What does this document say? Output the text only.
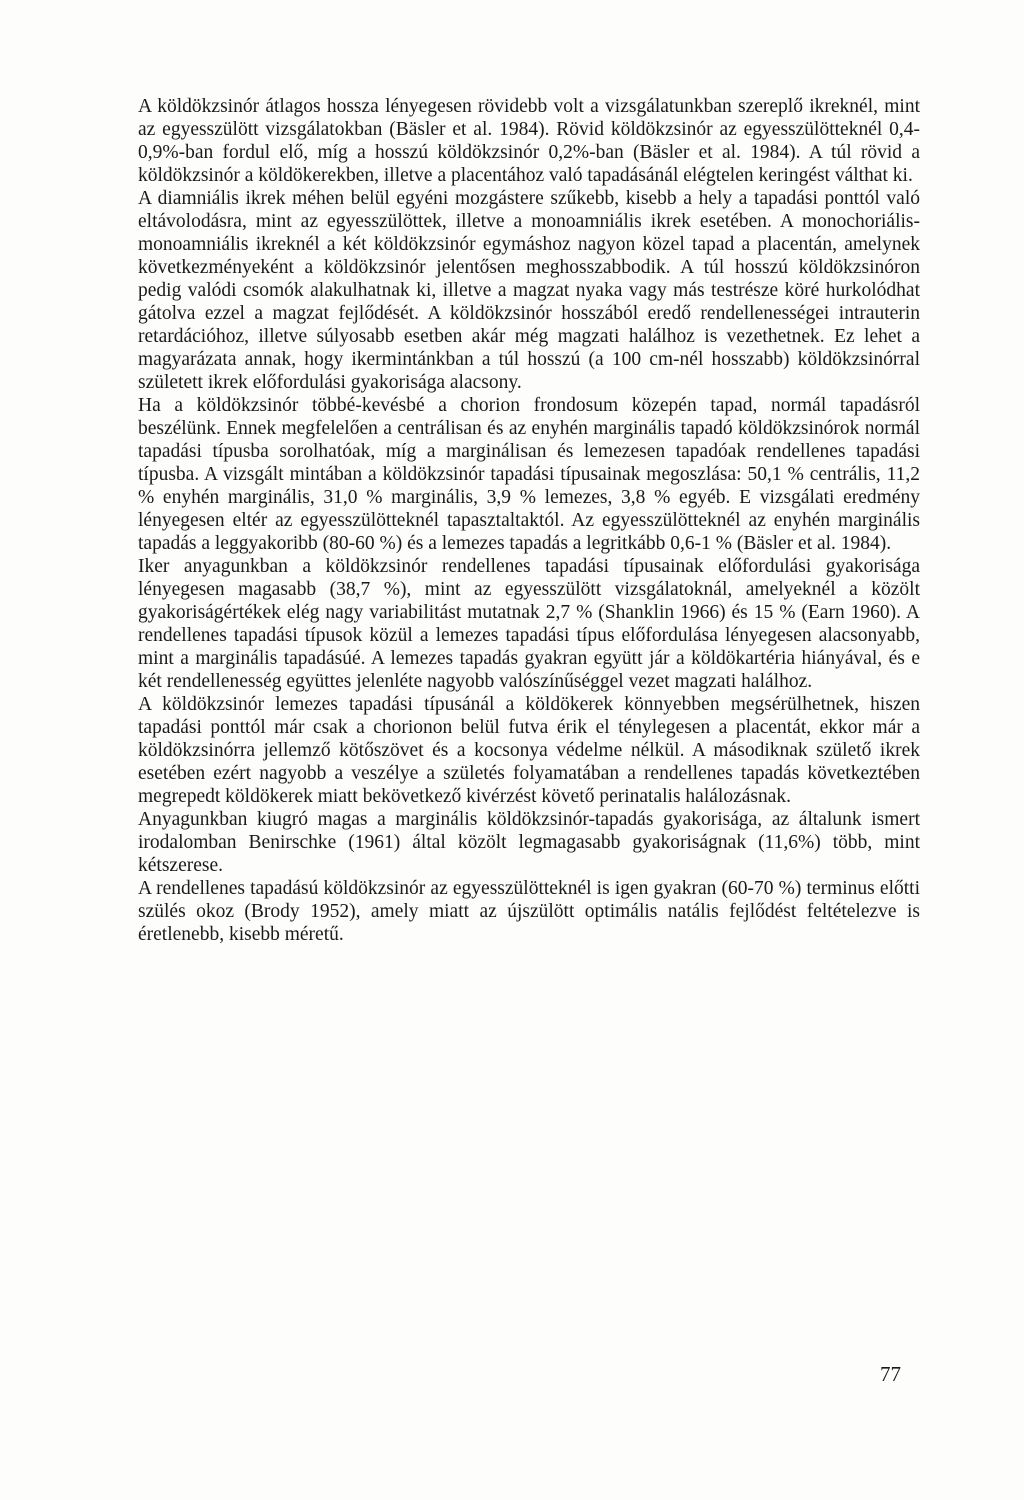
A köldökzsinór átlagos hossza lényegesen rövidebb volt a vizsgálatunkban szereplő ikreknél, mint az egyesszülött vizsgálatokban (Bäsler et al. 1984). Rövid köldökzsinór az egyesszülötteknél 0,4-0,9%-ban fordul elő, míg a hosszú köldökzsinór 0,2%-ban (Bäsler et al. 1984). A túl rövid a köldökzsinór a köldökerekben, illetve a placentához való tapadásánál elégtelen keringést válthat ki.

A diamniális ikrek méhen belül egyéni mozgástere szűkebb, kisebb a hely a tapadási ponttól való eltávolodásra, mint az egyesszülöttek, illetve a monoamniális ikrek esetében. A monochoriális-monoamniális ikreknél a két köldökzsinór egymáshoz nagyon közel tapad a placentán, amelynek következményeként a köldökzsinór jelentősen meghosszabbodik. A túl hosszú köldökzsinóron pedig valódi csomók alakulhatnak ki, illetve a magzat nyaka vagy más testrésze köré hurkolódhat gátolva ezzel a magzat fejlődését. A köldökzsinór hosszából eredő rendellenességei intrauterin retardációhoz, illetve súlyosabb esetben akár még magzati halálhoz is vezethetnek. Ez lehet a magyarázata annak, hogy ikermintánkban a túl hosszú (a 100 cm-nél hosszabb) köldökzsinórral született ikrek előfordulási gyakorisága alacsony.

Ha a köldökzsinór többé-kevésbé a chorion frondosum közepén tapad, normál tapadásról beszélünk. Ennek megfelelően a centrálisan és az enyhén marginális tapadó köldökzsinórok normál tapadási típusba sorolhatóak, míg a marginálisan és lemezesen tapadóak rendellenes tapadási típusba. A vizsgált mintában a köldökzsinór tapadási típusainak megoszlása: 50,1 % centrális, 11,2 % enyhén marginális, 31,0 % marginális, 3,9 % lemezes, 3,8 % egyéb. E vizsgálati eredmény lényegesen eltér az egyesszülötteknél tapasztaltaktól. Az egyesszülötteknél az enyhén marginális tapadás a leggyakoribb (80-60 %) és a lemezes tapadás a legritkább 0,6-1 % (Bäsler et al. 1984).

Iker anyagunkban a köldökzsinór rendellenes tapadási típusainak előfordulási gyakorisága lényegesen magasabb (38,7 %), mint az egyesszülött vizsgálatoknál, amelyeknél a közölt gyakoriságértékek elég nagy variabilitást mutatnak 2,7 % (Shanklin 1966) és 15 % (Earn 1960). A rendellenes tapadási típusok közül a lemezes tapadási típus előfordulása lényegesen alacsonyabb, mint a marginális tapadásúé. A lemezes tapadás gyakran együtt jár a köldökartéria hiányával, és e két rendellenesség együttes jelenléte nagyobb valószínűséggel vezet magzati halálhoz.

A köldökzsinór lemezes tapadási típusánál a köldökerek könnyebben megsérülhetnek, hiszen tapadási ponttól már csak a chorionon belül futva érik el ténylegesen a placentát, ekkor már a köldökzsinórra jellemző kötőszövet és a kocsonya védelme nélkül. A másodiknak születő ikrek esetében ezért nagyobb a veszélye a születés folyamatában a rendellenes tapadás következtében megrepedt köldökerek miatt bekövetkező kivérzést követő perinatalis halálozásnak.

Anyagunkban kiugró magas a marginális köldökzsinór-tapadás gyakorisága, az általunk ismert irodalomban Benirschke (1961) által közölt legmagasabb gyakoriságnak (11,6%) több, mint kétszerese.

A rendellenes tapadású köldökzsinór az egyesszülötteknél is igen gyakran (60-70 %) terminus előtti szülés okoz (Brody 1952), amely miatt az újszülött optimális natális fejlődést feltételezve is éretlenebb, kisebb méretű.

77
